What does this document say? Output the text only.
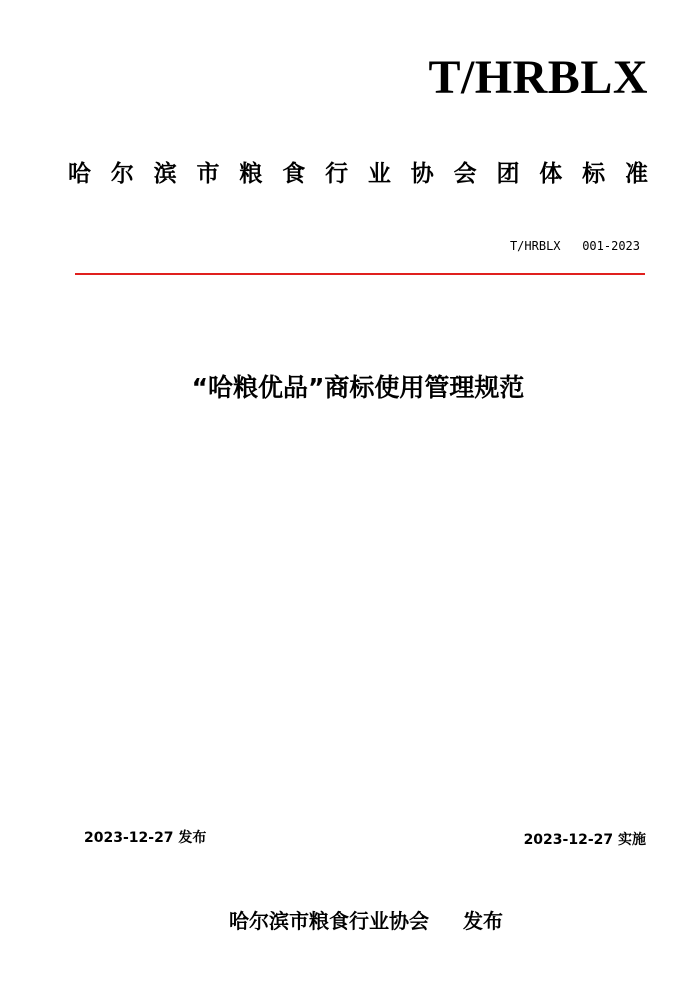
T/HRBLX
哈 尔 滨 市 粮 食 行 业 协 会 团 体 标 准
T/HRBLX   001-2023
“哈粮优品”商标使用管理规范
2023-12-27 发布	2023-12-27 实施

哈尔滨市粮食行业协会 发布
